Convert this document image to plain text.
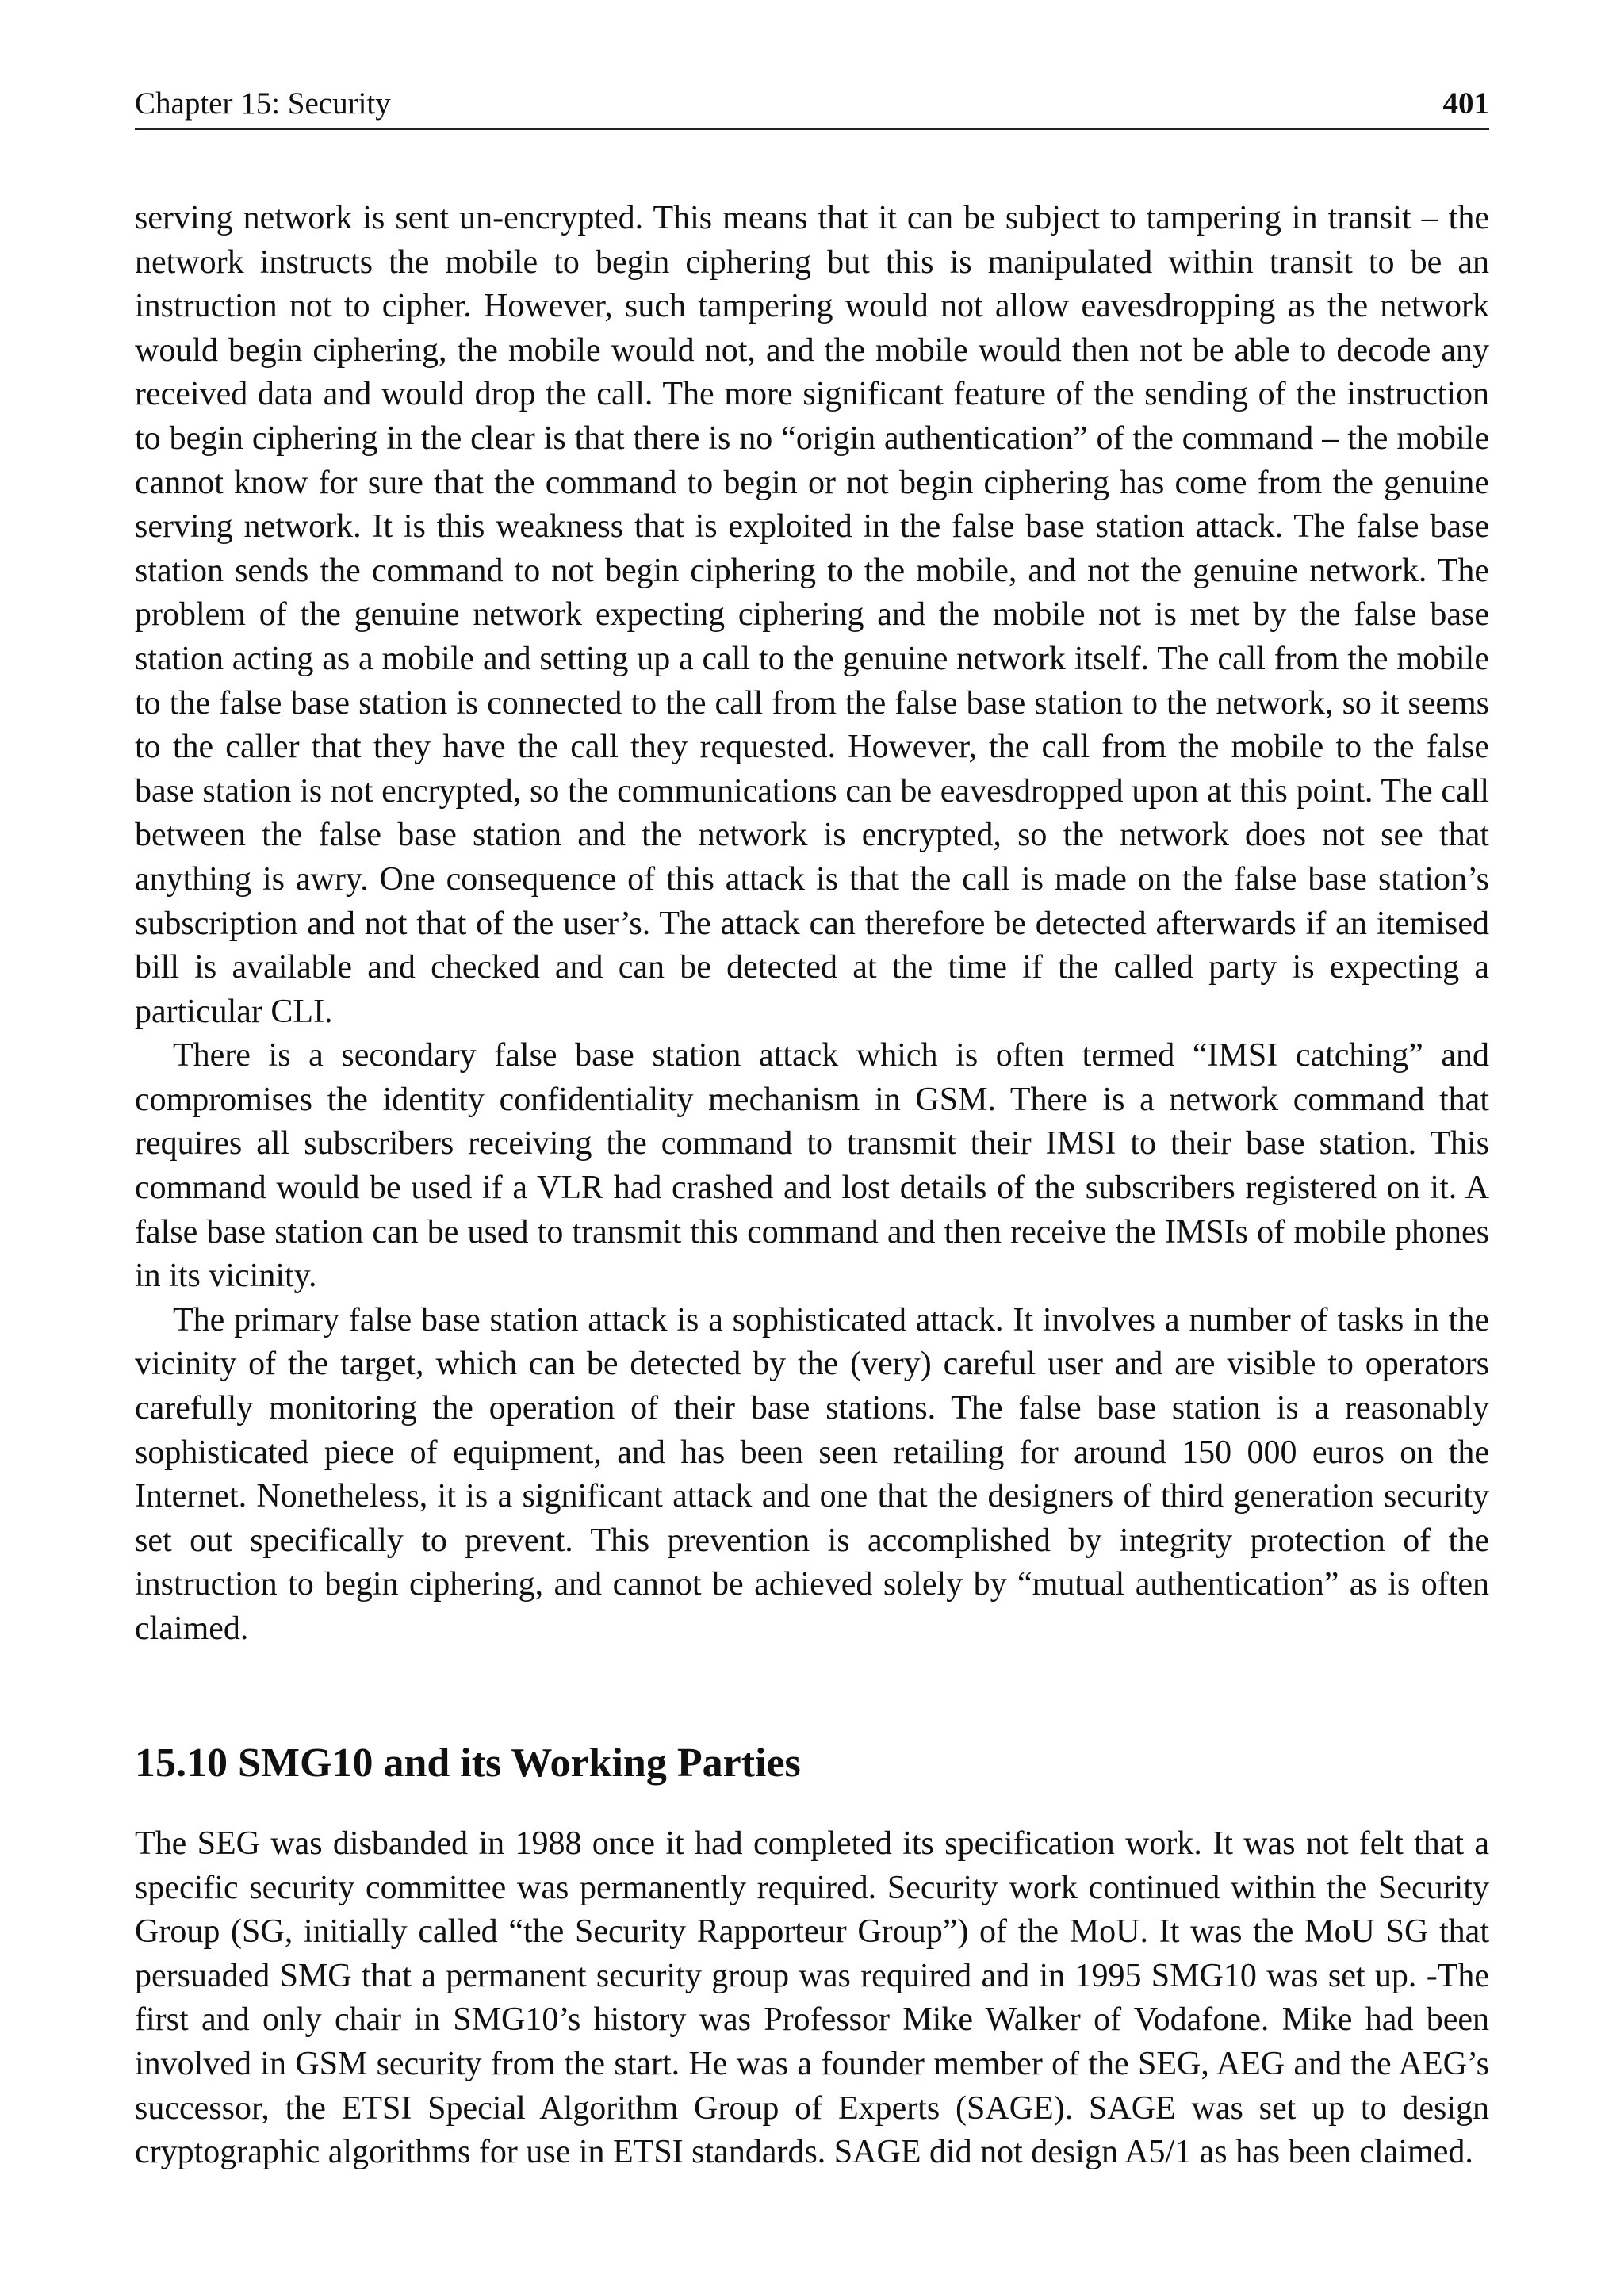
Chapter 15: Security	401

serving network is sent un-encrypted. This means that it can be subject to tampering in transit – the network instructs the mobile to begin ciphering but this is manipulated within transit to be an instruction not to cipher. However, such tampering would not allow eavesdropping as the network would begin ciphering, the mobile would not, and the mobile would then not be able to decode any received data and would drop the call. The more significant feature of the sending of the instruction to begin ciphering in the clear is that there is no “origin authentication” of the command – the mobile cannot know for sure that the command to begin or not begin ciphering has come from the genuine serving network. It is this weakness that is exploited in the false base station attack. The false base station sends the command to not begin ciphering to the mobile, and not the genuine network. The problem of the genuine network expecting ciphering and the mobile not is met by the false base station acting as a mobile and setting up a call to the genuine network itself. The call from the mobile to the false base station is connected to the call from the false base station to the network, so it seems to the caller that they have the call they requested. However, the call from the mobile to the false base station is not encrypted, so the communications can be eavesdropped upon at this point. The call between the false base station and the network is encrypted, so the network does not see that anything is awry. One consequence of this attack is that the call is made on the false base station’s subscription and not that of the user’s. The attack can therefore be detected afterwards if an itemised bill is available and checked and can be detected at the time if the called party is expecting a particular CLI.

There is a secondary false base station attack which is often termed “IMSI catching” and compromises the identity confidentiality mechanism in GSM. There is a network command that requires all subscribers receiving the command to transmit their IMSI to their base station. This command would be used if a VLR had crashed and lost details of the subscribers registered on it. A false base station can be used to transmit this command and then receive the IMSIs of mobile phones in its vicinity.

The primary false base station attack is a sophisticated attack. It involves a number of tasks in the vicinity of the target, which can be detected by the (very) careful user and are visible to operators carefully monitoring the operation of their base stations. The false base station is a reasonably sophisticated piece of equipment, and has been seen retailing for around 150 000 euros on the Internet. Nonetheless, it is a significant attack and one that the designers of third generation security set out specifically to prevent. This prevention is accomplished by integrity protection of the instruction to begin ciphering, and cannot be achieved solely by “mutual authentication” as is often claimed.

15.10 SMG10 and its Working Parties

The SEG was disbanded in 1988 once it had completed its specification work. It was not felt that a specific security committee was permanently required. Security work continued within the Security Group (SG, initially called “the Security Rapporteur Group”) of the MoU. It was the MoU SG that persuaded SMG that a permanent security group was required and in 1995 SMG10 was set up. -The first and only chair in SMG10’s history was Professor Mike Walker of Vodafone. Mike had been involved in GSM security from the start. He was a founder member of the SEG, AEG and the AEG’s successor, the ETSI Special Algorithm Group of Experts (SAGE). SAGE was set up to design cryptographic algorithms for use in ETSI standards. SAGE did not design A5/1 as has been claimed.
